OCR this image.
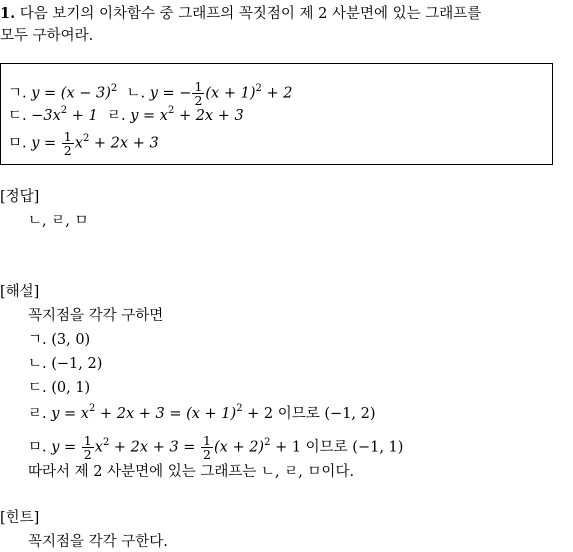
1. 다음 보기의 이차함수 중 그래프의 꼭짓점이 제 2 사분면에 있는 그래프를
모두 구하여라.
ㄱ. $y = (x - 3)^2$ ㄴ. y = − $\frac{1}{2} (x + 1)^2 + 2$
ㄷ. $-3x^2 + 1$ ㄹ. $y = x^2 + 2x + 3$
ㅁ. $y = \frac{1}{2} x^2 + 2x + 3$
[정답]
ㄴ, ㄹ, ㅁ
[해설]
꼭지점을 각각 구하면
ㄱ. (3, 0)
ㄴ. (−1, 2)
ㄷ. (0, 1)
ㄹ. $y = x^2 + 2x + 3 = (x + 1)^2 + 2$ 이므로 (−1, 2)
ㅁ. $y = \frac{1}{2} x^2 + 2x + 3 = \frac{1}{2} (x + 2)^2 + 1$ 이므로 (−1, 1)
따라서 제 2 사분면에 있는 그래프는 ㄴ, ㄹ, ㅁ이다.
[힌트]
꼭지점을 각각 구한다.
